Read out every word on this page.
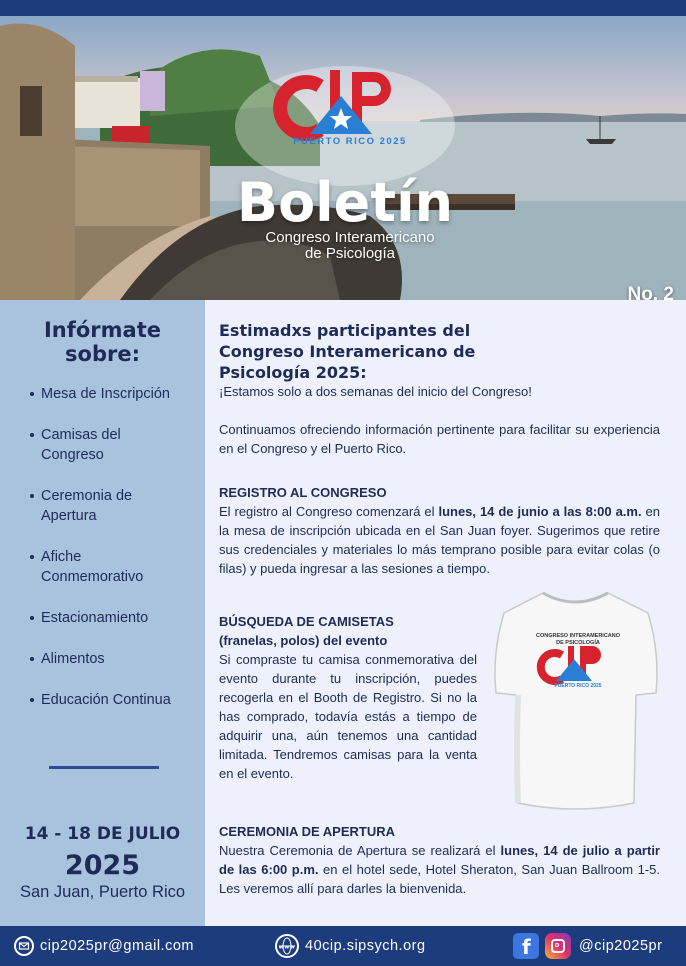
PUERTO RICO 2025
Boletín
Congreso Interamericano
de Psicología
No. 2
Infórmate
sobre:
Mesa de Inscripción
Camisas del Congreso
Ceremonia de Apertura
Afiche Conmemorativo
Estacionamiento
Alimentos
Educación Continua
14 - 18 DE JULIO
2025
San Juan, Puerto Rico
Estimadxs participantes del Congreso Interamericano de Psicología 2025:
¡Estamos solo a dos semanas del inicio del Congreso!
Continuamos ofreciendo información pertinente para facilitar su experiencia en el Congreso y el Puerto Rico.
REGISTRO AL CONGRESO
El registro al Congreso comenzará el lunes, 14 de junio a las 8:00 a.m. en la mesa de inscripción ubicada en el San Juan foyer. Sugerimos que retire sus credenciales y materiales lo más temprano posible para evitar colas (o filas) y pueda ingresar a las sesiones a tiempo.
BÚSQUEDA DE CAMISETAS
(franelas, polos) del evento
Si compraste tu camisa conmemorativa del evento durante tu inscripción, puedes recogerla en el Booth de Registro. Si no la has comprado, todavía estás a tiempo de adquirir una, aún tenemos una cantidad limitada. Tendremos camisas para la venta en el evento.
CONGRESO INTERAMERICANO
DE PSICOLOGÍA
PUERTO RICO 2025
CEREMONIA DE APERTURA
Nuestra Ceremonia de Apertura se realizará el lunes, 14 de julio a partir de las 6:00 p.m. en el hotel sede, Hotel Sheraton, San Juan Ballroom 1-5. Les veremos allí para darles la bienvenida.
cip2025pr@gmail.com	www 40cip.sipsych.org	f	@cip2025pr
